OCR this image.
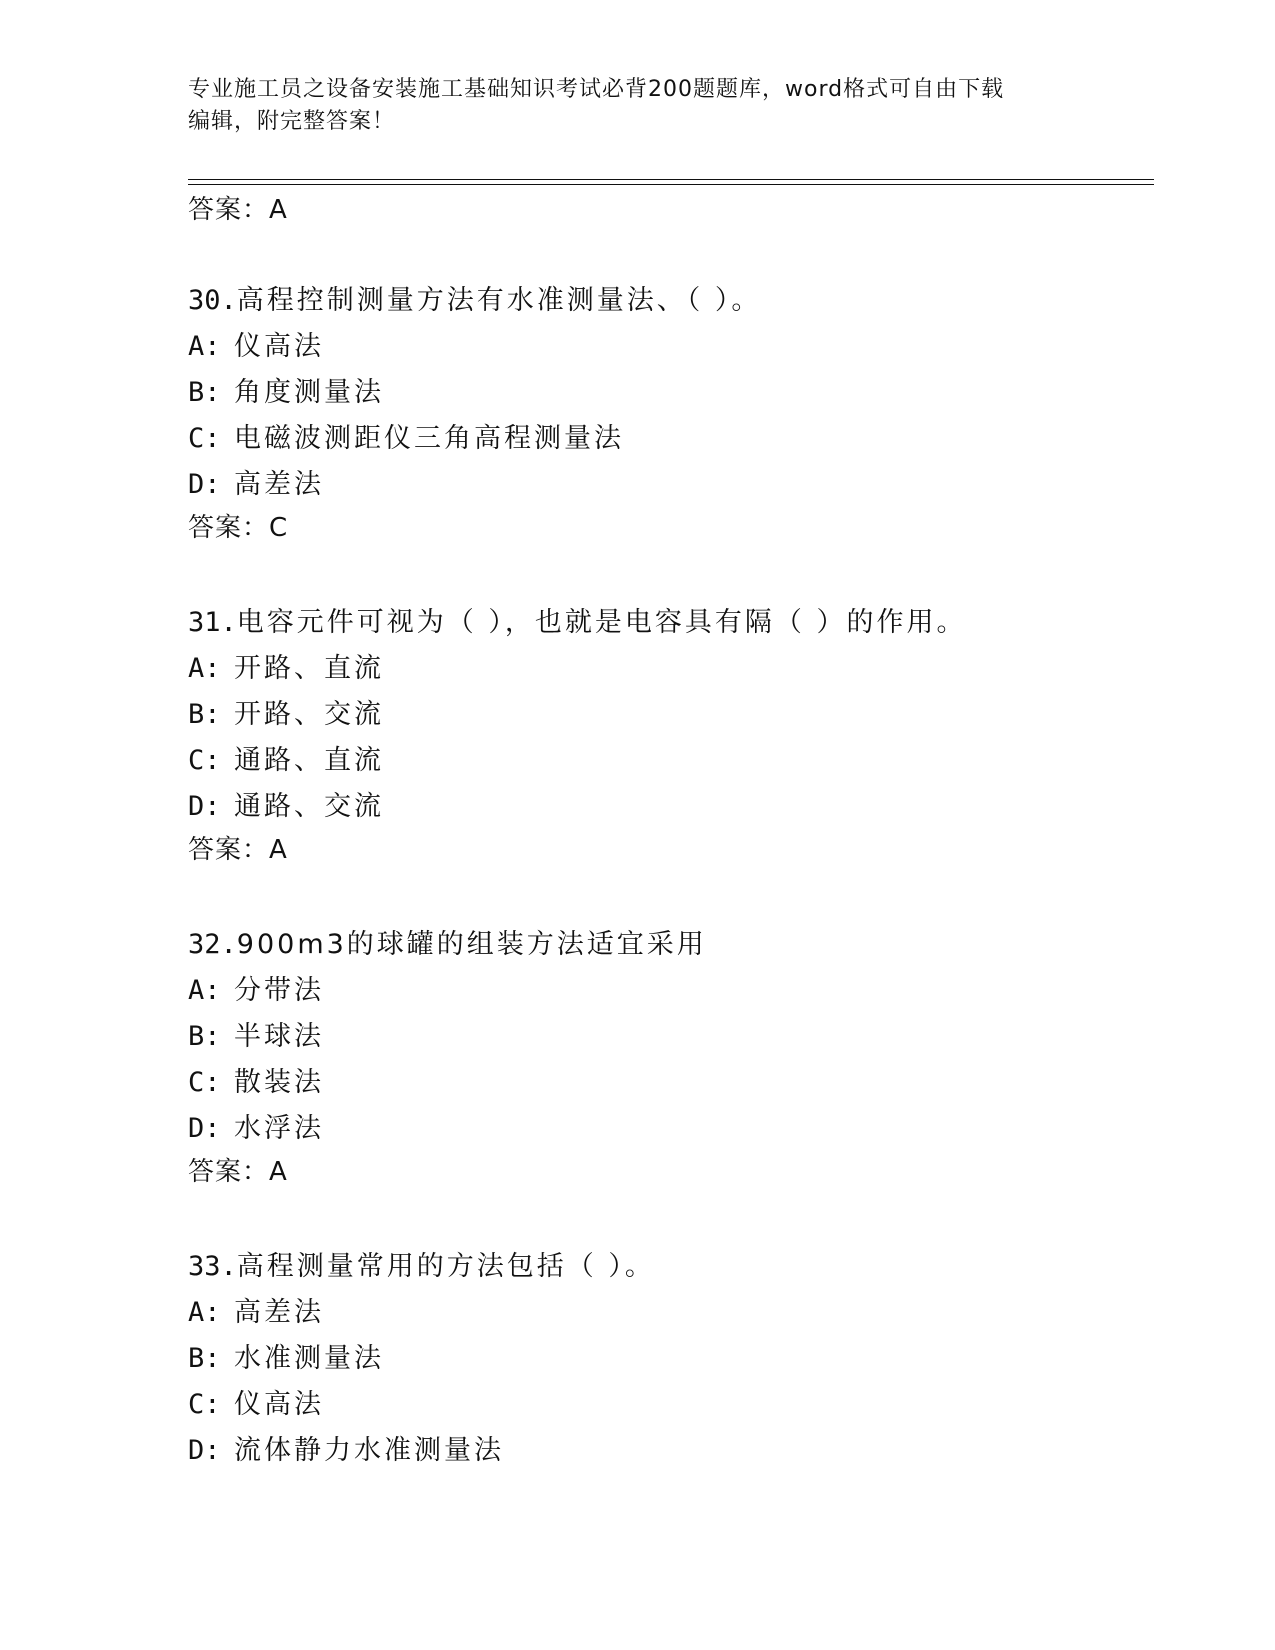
专业施工员之设备安装施工基础知识考试必背200题题库，word格式可自由下载
编辑，附完整答案！
答案：A
30.高程控制测量方法有水准测量法、（ ）。
A: 仪高法
B: 角度测量法
C: 电磁波测距仪三角高程测量法
D: 高差法
答案：C
31.电容元件可视为（ ），也就是电容具有隔（ ）的作用。
A: 开路、直流
B: 开路、交流
C: 通路、直流
D: 通路、交流
答案：A
32.900m3的球罐的组装方法适宜采用
A: 分带法
B: 半球法
C: 散装法
D: 水浮法
答案：A
33.高程测量常用的方法包括（ ）。
A: 高差法
B: 水准测量法
C: 仪高法
D: 流体静力水准测量法
